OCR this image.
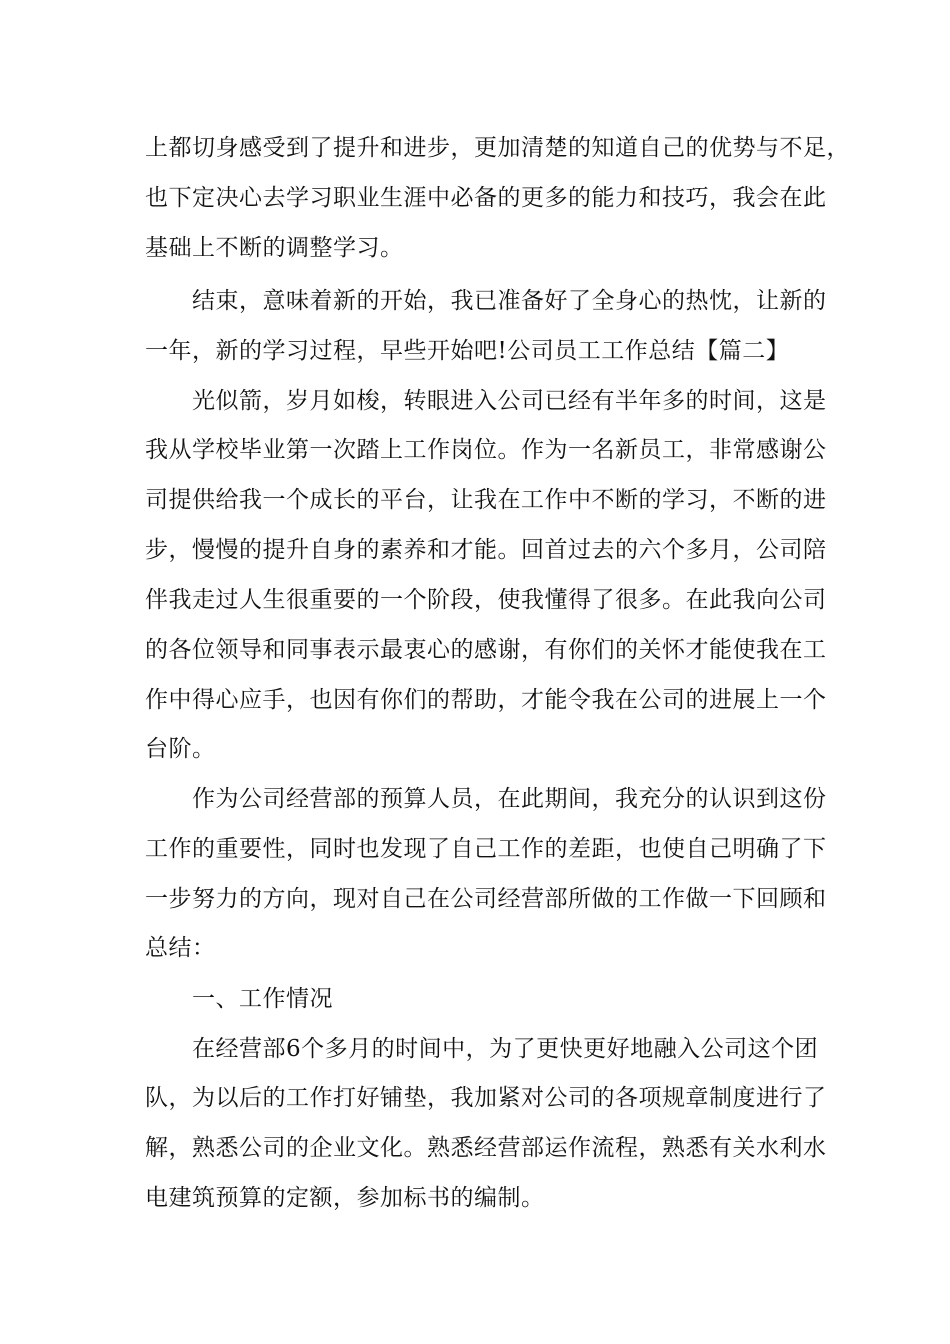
上都切身感受到了提升和进步，更加清楚的知道自己的优势与不足，
也下定决心去学习职业生涯中必备的更多的能力和技巧，我会在此
基础上不断的调整学习。
结束，意味着新的开始，我已准备好了全身心的热忱，让新的
一年，新的学习过程，早些开始吧!公司员工工作总结【篇二】
光似箭，岁月如梭，转眼进入公司已经有半年多的时间，这是
我从学校毕业第一次踏上工作岗位。作为一名新员工，非常感谢公
司提供给我一个成长的平台，让我在工作中不断的学习，不断的进
步，慢慢的提升自身的素养和才能。回首过去的六个多月，公司陪
伴我走过人生很重要的一个阶段，使我懂得了很多。在此我向公司
的各位领导和同事表示最衷心的感谢，有你们的关怀才能使我在工
作中得心应手，也因有你们的帮助，才能令我在公司的进展上一个
台阶。
作为公司经营部的预算人员，在此期间，我充分的认识到这份
工作的重要性，同时也发现了自己工作的差距，也使自己明确了下
一步努力的方向，现对自己在公司经营部所做的工作做一下回顾和
总结：
一、工作情况
在经营部6个多月的时间中，为了更快更好地融入公司这个团
队，为以后的工作打好铺垫，我加紧对公司的各项规章制度进行了
解，熟悉公司的企业文化。熟悉经营部运作流程，熟悉有关水利水
电建筑预算的定额，参加标书的编制。
